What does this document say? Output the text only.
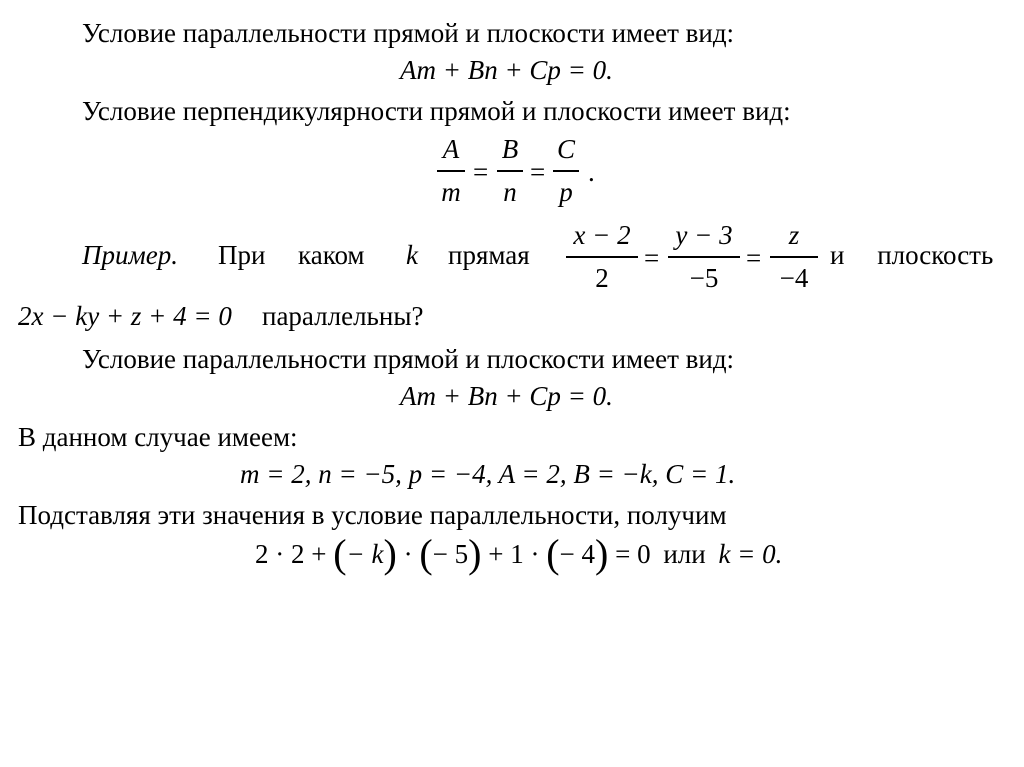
Условие параллельности прямой и плоскости имеет вид:
Am + Bn + Cp = 0.
Условие перпендикулярности прямой и плоскости имеет вид:
A
m
=
B
n
=
C
p
.
Пример. При каком k прямая
x − 2
2
=
y − 3
−5
=
z
−4
и плоскость
2x − ky + z + 4 = 0 параллельны?
Условие параллельности прямой и плоскости имеет вид:
Am + Bn + Cp = 0.
В данном случае имеем:
m = 2, n = −5, p = −4, A = 2, B = −k, C = 1.
Подставляя эти значения в условие параллельности, получим
2 · 2 + (− k) · (− 5) + 1 · (− 4) = 0 или k = 0.
